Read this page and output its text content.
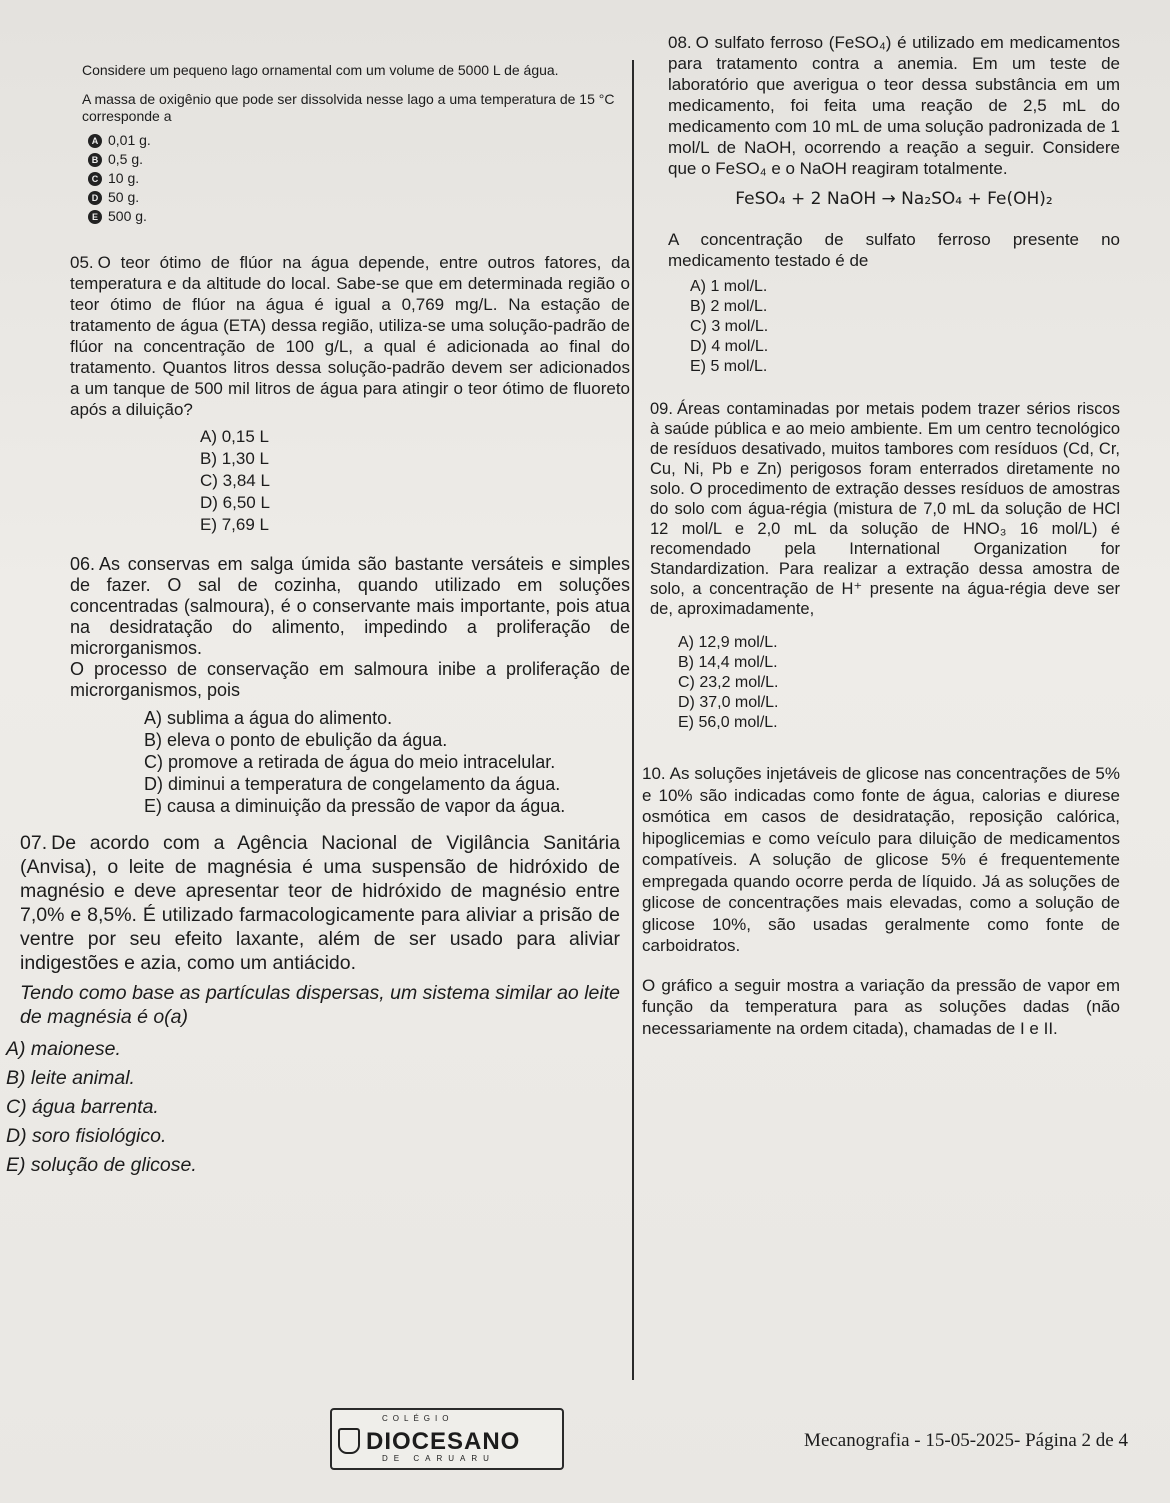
Considere um pequeno lago ornamental com um volume de 5000 L de água.

A massa de oxigênio que pode ser dissolvida nesse lago a uma temperatura de 15 °C corresponde a

A 0,01 g.
B 0,5 g.
C 10 g.
D 50 g.
E 500 g.

05. O teor ótimo de flúor na água depende, entre outros fatores, da temperatura e da altitude do local. Sabe-se que em determinada região o teor ótimo de flúor na água é igual a 0,769 mg/L. Na estação de tratamento de água (ETA) dessa região, utiliza-se uma solução-padrão de flúor na concentração de 100 g/L, a qual é adicionada ao final do tratamento. Quantos litros dessa solução-padrão devem ser adicionados a um tanque de 500 mil litros de água para atingir o teor ótimo de fluoreto após a diluição?

A) 0,15 L
B) 1,30 L
C) 3,84 L
D) 6,50 L
E) 7,69 L

06. As conservas em salga úmida são bastante versáteis e simples de fazer. O sal de cozinha, quando utilizado em soluções concentradas (salmoura), é o conservante mais importante, pois atua na desidratação do alimento, impedindo a proliferação de microrganismos.

O processo de conservação em salmoura inibe a proliferação de microrganismos, pois

A) sublima a água do alimento.
B) eleva o ponto de ebulição da água.
C) promove a retirada de água do meio intracelular.
D) diminui a temperatura de congelamento da água.
E) causa a diminuição da pressão de vapor da água.

07. De acordo com a Agência Nacional de Vigilância Sanitária (Anvisa), o leite de magnésia é uma suspensão de hidróxido de magnésio e deve apresentar teor de hidróxido de magnésio entre 7,0% e 8,5%. É utilizado farmacologicamente para aliviar a prisão de ventre por seu efeito laxante, além de ser usado para aliviar indigestões e azia, como um antiácido.

Tendo como base as partículas dispersas, um sistema similar ao leite de magnésia é o(a)

A) maionese.
B) leite animal.
C) água barrenta.
D) soro fisiológico.
E) solução de glicose.

08. O sulfato ferroso (FeSO₄) é utilizado em medicamentos para tratamento contra a anemia. Em um teste de laboratório que averigua o teor dessa substância em um medicamento, foi feita uma reação de 2,5 mL do medicamento com 10 mL de uma solução padronizada de 1 mol/L de NaOH, ocorrendo a reação a seguir. Considere que o FeSO₄ e o NaOH reagiram totalmente.

FeSO₄ + 2 NaOH → Na₂SO₄ + Fe(OH)₂

A concentração de sulfato ferroso presente no medicamento testado é de

A) 1 mol/L.
B) 2 mol/L.
C) 3 mol/L.
D) 4 mol/L.
E) 5 mol/L.

09. Áreas contaminadas por metais podem trazer sérios riscos à saúde pública e ao meio ambiente. Em um centro tecnológico de resíduos desativado, muitos tambores com resíduos (Cd, Cr, Cu, Ni, Pb e Zn) perigosos foram enterrados diretamente no solo. O procedimento de extração desses resíduos de amostras do solo com água-régia (mistura de 7,0 mL da solução de HCl 12 mol/L e 2,0 mL da solução de HNO₃ 16 mol/L) é recomendado pela International Organization for Standardization. Para realizar a extração dessa amostra de solo, a concentração de H⁺ presente na água-régia deve ser de, aproximadamente,

A) 12,9 mol/L.
B) 14,4 mol/L.
C) 23,2 mol/L.
D) 37,0 mol/L.
E) 56,0 mol/L.

10. As soluções injetáveis de glicose nas concentrações de 5% e 10% são indicadas como fonte de água, calorias e diurese osmótica em casos de desidratação, reposição calórica, hipoglicemias e como veículo para diluição de medicamentos compatíveis. A solução de glicose 5% é frequentemente empregada quando ocorre perda de líquido. Já as soluções de glicose de concentrações mais elevadas, como a solução de glicose 10%, são usadas geralmente como fonte de carboidratos.

O gráfico a seguir mostra a variação da pressão de vapor em função da temperatura para as soluções dadas (não necessariamente na ordem citada), chamadas de I e II.

COLÉGIO
DIOCESANO
DE CARUARU
Mecanografia - 15-05-2025- Página 2 de 4
